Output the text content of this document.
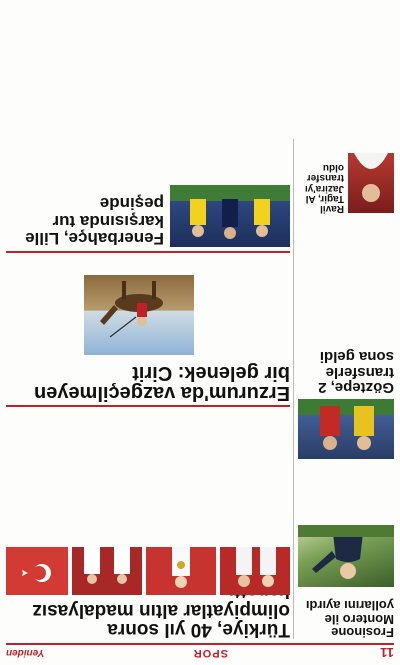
11
SPOR
Yeniden
Türkiye, 40 yıl sonra olimpiyatlar altın madalyasız
Frosinone Montero ile yollarını ayırdı
Göztepe, 2 transferle sona geldi
Erzurum'da vazgeçilmeyen bir gelenek: Cirit
Fenerbahçe, Lille karşısında tur peşinde	Ravil Tagir, Al Jazira'yı transfer oldu
